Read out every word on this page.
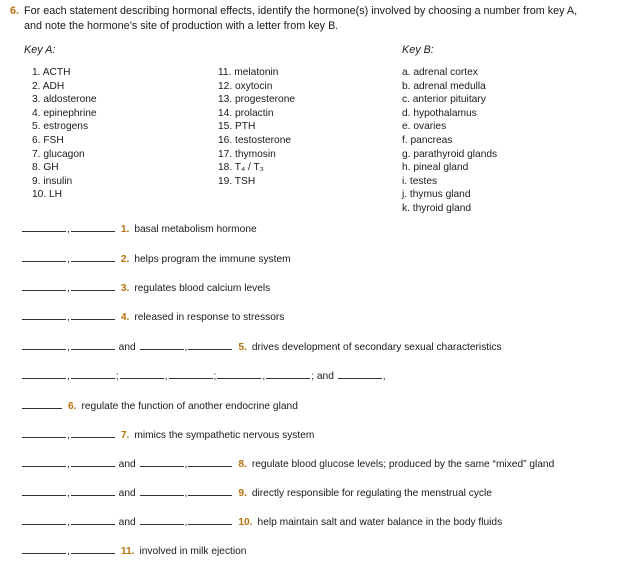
6. For each statement describing hormonal effects, identify the hormone(s) involved by choosing a number from key A,
and note the hormone’s site of production with a letter from key B.
Key A:	Key B:
1. ACTH
2. ADH
3. aldosterone
4. epinephrine
5. estrogens
6. FSH
7. glucagon
8. GH
9. insulin
10. LH
11. melatonin
12. oxytocin
13. progesterone
14. prolactin
15. PTH
16. testosterone
17. thymosin
18. T₄ / T₃
19. TSH
a. adrenal cortex
b. adrenal medulla
c. anterior pituitary
d. hypothalamus
e. ovaries
f. pancreas
g. parathyroid glands
h. pineal gland
i. testes
j. thymus gland
k. thyroid gland
,	1. basal metabolism hormone
,	2. helps program the immune system
,	3. regulates blood calcium levels
,	4. released in response to stressors
,	and	,	5. drives development of secondary sexual characteristics
,	;	,	;	,	; and	,
6. regulate the function of another endocrine gland
,	7. mimics the sympathetic nervous system
,	and	,	8. regulate blood glucose levels; produced by the same “mixed” gland
,	and	,	9. directly responsible for regulating the menstrual cycle
,	and	,	10. help maintain salt and water balance in the body fluids
,	11. involved in milk ejection
